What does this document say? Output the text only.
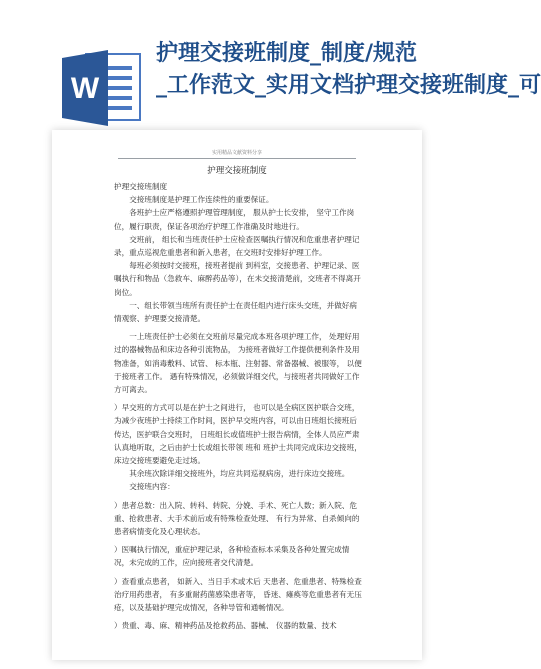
W
护理交接班制度_制度/规范
_工作范文_实用文档护理交接班制度_可
实用精品文献资料分享
护理交接班制度

护理交接班制度

交接班制度是护理工作连续性的重要保证。

各班护士应严格遵照护理管理制度， 服从护士长安排， 坚守工作岗位，履行职责，保证各项治疗护理工作准确及时地进行。

交班前， 组长和当班责任护士应检查医嘱执行情况和危重患者护理记录，重点巡视危重患者和新入患者，在交班时安排好护理工作。

每班必须按时交接班，接班者提前 到科室，交接患者、护理记录、医嘱执行和物品（急救车、麻醉药品等），在未交接清楚前，交班者不得离开岗位。

一、组长带领当班所有责任护士在责任组内进行床头交班，并做好病情观察、护理要交接清楚。

一上班责任护士必须在交班前尽量完成本班各项护理工作， 处理好用过的器械物品和床边各种引流物品， 为接班者做好工作提供便利条件及用物准备，如消毒敷料、试管、 标本瓶、注射器、常备器械、被服等， 以便于接班者工作。 遇有特殊情况，必须做详细交代，与接班者共同做好工作方可离去。

）早交班的方式可以是在护士之间进行， 也可以是全病区医护联合交班，为减少夜班护士持续工作时间，医护早交班内容，可以由日班组长接班后传达，医护联合交班时， 日班组长或值班护士报告病情，全体人员应严肃认真地听取，之后由护士长或组长带领 班和 班护士共同完成床边交接班，床边交接班要避免走过场。

其余班次除详细交接班外，均应共同巡视病房，进行床边交接班。

交接班内容：

）患者总数：出入院、转科、转院、分娩、手术、死亡人数；新入院、危重、抢救患者、大手术前后或有特殊检查处理、 有行为异常、自杀倾向的患者病情变化及心理状态。

）医嘱执行情况，重症护理记录，各种检查标本采集及各种处置完成情况，未完成的工作，应向接班者交代清楚。

）查看重点患者， 如新入、当日手术或术后 天患者、危重患者、特殊检查治疗用药患者， 有多重耐药菌感染患者等， 昏迷、瘫痪等危重患者有无压疮，以及基础护理完成情况，各种导管和通畅情况。

）贵重、毒、麻、精神药品及抢救药品、器械、 仪器的数量、技术
